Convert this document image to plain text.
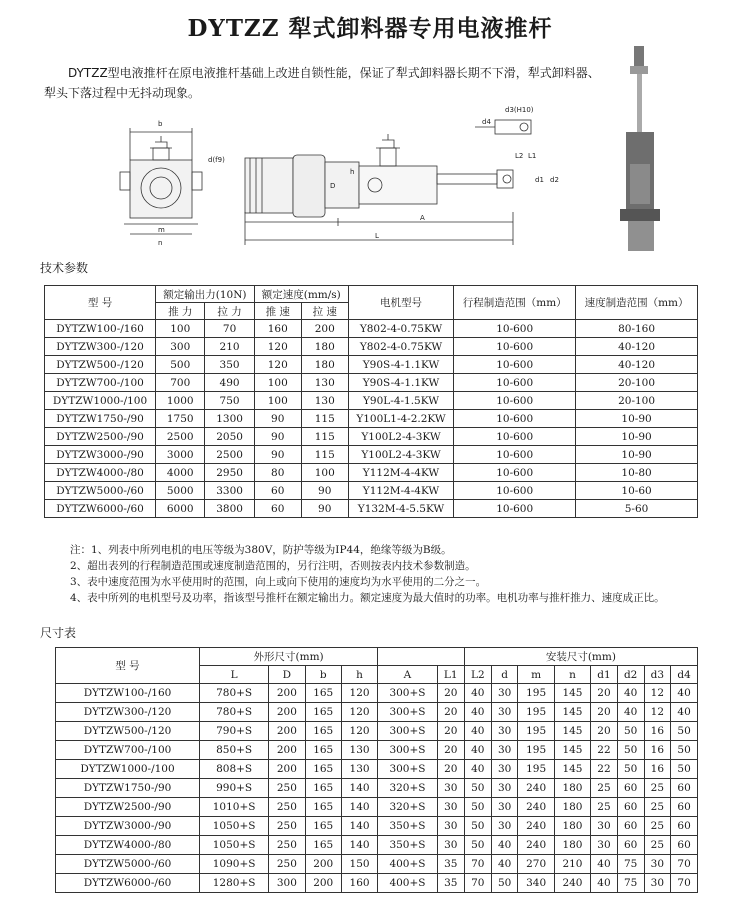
DYTZZ 犁式卸料器专用电液推杆
DYTZZ型电液推杆在原电液推杆基础上改进自锁性能，保证了犁式卸料器长期不下滑，犁式卸料器、犁头下落过程中无抖动现象。
b
m
n
d(f9)
h
D
A
L
L1
L2
d3(H10)
d4
d1 d2
技术参数
型 号	额定输出力(10N)		额定速度(mm/s)		电机型号	行程制造范围（mm）	速度制造范围（mm）
	推 力	拉 力	推 速	拉 速			
DYTZW100-/160	100	70	160	200	Y802-4-0.75KW	10-600	80-160
DYTZW300-/120	300	210	120	180	Y802-4-0.75KW	10-600	40-120
DYTZW500-/120	500	350	120	180	Y90S-4-1.1KW	10-600	40-120
DYTZW700-/100	700	490	100	130	Y90S-4-1.1KW	10-600	20-100
DYTZW1000-/100	1000	750	100	130	Y90L-4-1.5KW	10-600	20-100
DYTZW1750-/90	1750	1300	90	115	Y100L1-4-2.2KW	10-600	10-90
DYTZW2500-/90	2500	2050	90	115	Y100L2-4-3KW	10-600	10-90
DYTZW3000-/90	3000	2500	90	115	Y100L2-4-3KW	10-600	10-90
DYTZW4000-/80	4000	2950	80	100	Y112M-4-4KW	10-600	10-80
DYTZW5000-/60	5000	3300	60	90	Y112M-4-4KW	10-600	10-60
DYTZW6000-/60	6000	3800	60	90	Y132M-4-5.5KW	10-600	5-60
注：1、列表中所列电机的电压等级为380V，防护等级为IP44，绝缘等级为B级。
2、超出表列的行程制造范围或速度制造范围的，另行注明，否则按表内技术参数制造。
3、表中速度范围为水平使用时的范围，向上或向下使用的速度均为水平使用的二分之一。
4、表中所列的电机型号及功率，指该型号推杆在额定输出力。额定速度为最大值时的功率。电机功率与推杆推力、速度成正比。
尺寸表
型 号	外形尺寸(mm)						安装尺寸(mm)							
	L	D	b	h	A	L1	L2	d	m	n	d1	d2	d3	d4
DYTZW100-/160	780+S	200	165	120	300+S	20	40	30	195	145	20	40	12	40
DYTZW300-/120	780+S	200	165	120	300+S	20	40	30	195	145	20	40	12	40
DYTZW500-/120	790+S	200	165	120	300+S	20	40	30	195	145	20	50	16	50
DYTZW700-/100	850+S	200	165	130	300+S	20	40	30	195	145	22	50	16	50
DYTZW1000-/100	808+S	200	165	130	300+S	20	40	30	195	145	22	50	16	50
DYTZW1750-/90	990+S	250	165	140	320+S	30	50	30	240	180	25	60	25	60
DYTZW2500-/90	1010+S	250	165	140	320+S	30	50	30	240	180	25	60	25	60
DYTZW3000-/90	1050+S	250	165	140	350+S	30	50	30	240	180	30	60	25	60
DYTZW4000-/80	1050+S	250	165	140	350+S	30	50	40	240	180	30	60	25	60
DYTZW5000-/60	1090+S	250	200	150	400+S	35	70	40	270	210	40	75	30	70
DYTZW6000-/60	1280+S	300	200	160	400+S	35	70	50	340	240	40	75	30	70
